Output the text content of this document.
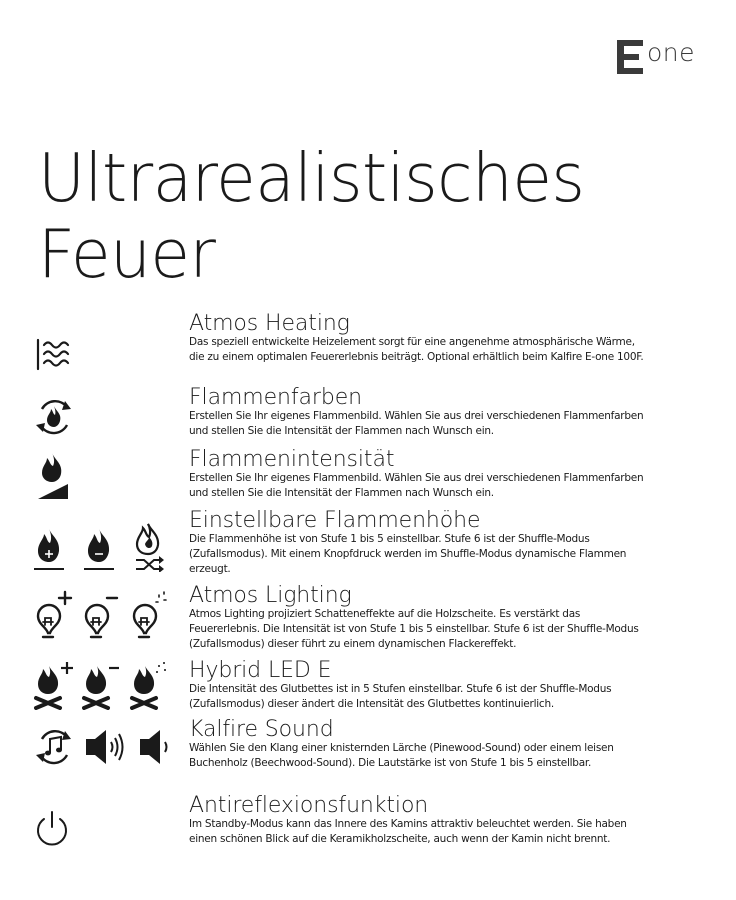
one
Ultrarealistisches
Feuer
Atmos Heating

Das speziell entwickelte Heizelement sorgt für eine angenehme atmosphärische Wärme, die zu einem optimalen Feuererlebnis beiträgt. Optional erhältlich beim Kalfire E-one 100F.

Flammenfarben

Erstellen Sie Ihr eigenes Flammenbild. Wählen Sie aus drei verschiedenen Flammenfarben und stellen Sie die Intensität der Flammen nach Wunsch ein.

Flammenintensität

Erstellen Sie Ihr eigenes Flammenbild. Wählen Sie aus drei verschiedenen Flammenfarben und stellen Sie die Intensität der Flammen nach Wunsch ein.

Einstellbare Flammenhöhe

Die Flammenhöhe ist von Stufe 1 bis 5 einstellbar. Stufe 6 ist der Shuffle-Modus (Zufallsmodus). Mit einem Knopfdruck werden im Shuffle-Modus dynamische Flammen erzeugt.

Atmos Lighting

Atmos Lighting projiziert Schatteneffekte auf die Holzscheite. Es verstärkt das Feuererlebnis. Die Intensität ist von Stufe 1 bis 5 einstellbar. Stufe 6 ist der Shuffle-Modus (Zufallsmodus) dieser führt zu einem dynamischen Flackereffekt.

Hybrid LED E

Die Intensität des Glutbettes ist in 5 Stufen einstellbar. Stufe 6 ist der Shuffle-Modus (Zufallsmodus) dieser ändert die Intensität des Glutbettes kontinuierlich.

Kalfire Sound

Wählen Sie den Klang einer knisternden Lärche (Pinewood-Sound) oder einem leisen Buchenholz (Beechwood-Sound). Die Lautstärke ist von Stufe 1 bis 5 einstellbar.

Antireflexionsfunktion

Im Standby-Modus kann das Innere des Kamins attraktiv beleuchtet werden. Sie haben einen schönen Blick auf die Keramikholzscheite, auch wenn der Kamin nicht brennt.
